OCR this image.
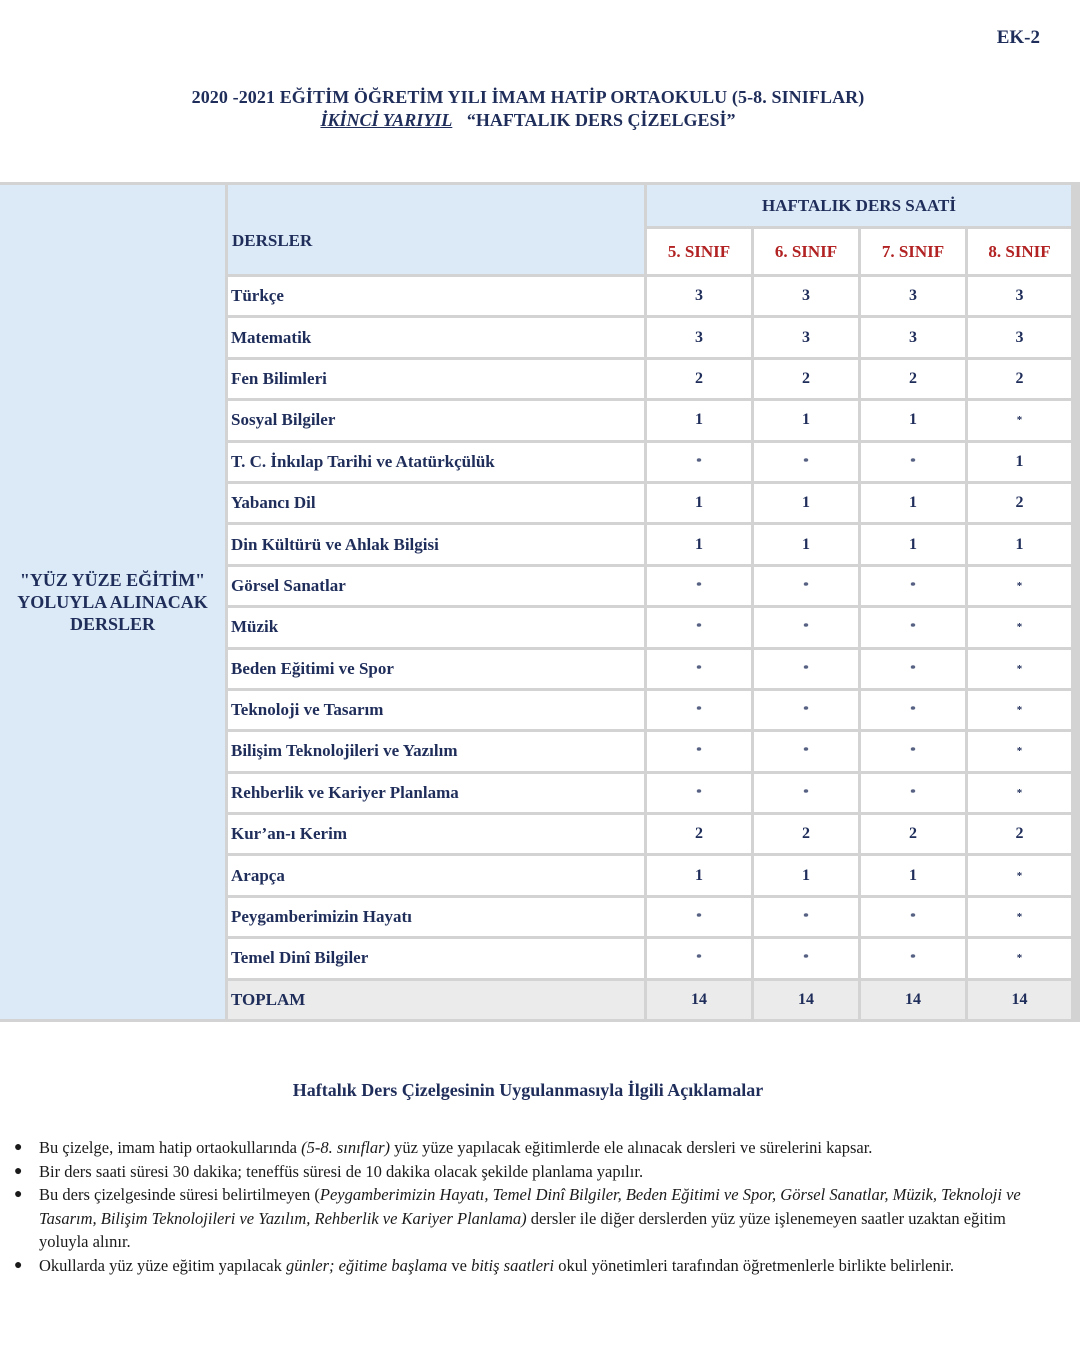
EK-2
2020 -2021 EĞİTİM ÖĞRETİM YILI İMAM HATİP ORTAOKULU (5-8. SINIFLAR)
İKİNCİ YARIYIL “HAFTALIK DERS ÇİZELGESİ”
"YÜZ YÜZE EĞİTİM"
YOLUYLA ALINACAK
DERSLER
DERSLER
HAFTALIK DERS SAATİ
5. SINIF	6. SINIF	7. SINIF	8. SINIF
Türkçe	3	3	3	3
Matematik	3	3	3	3
Fen Bilimleri	2	2	2	2
Sosyal Bilgiler	1	1	1	*
T. C. İnkılap Tarihi ve Atatürkçülük	*	*	*	1
Yabancı Dil	1	1	1	2
Din Kültürü ve Ahlak Bilgisi	1	1	1	1
Görsel Sanatlar	*	*	*	*
Müzik	*	*	*	*
Beden Eğitimi ve Spor	*	*	*	*
Teknoloji ve Tasarım	*	*	*	*
Bilişim Teknolojileri ve Yazılım	*	*	*	*
Rehberlik ve Kariyer Planlama	*	*	*	*
Kur’an-ı Kerim	2	2	2	2
Arapça	1	1	1	*
Peygamberimizin Hayatı	*	*	*	*
Temel Dinî Bilgiler	*	*	*	*
TOPLAM	14	14	14	14
Haftalık Ders Çizelgesinin Uygulanmasıyla İlgili Açıklamalar
● Bu çizelge, imam hatip ortaokullarında (5-8. sınıflar) yüz yüze yapılacak eğitimlerde ele alınacak dersleri ve sürelerini kapsar.
● Bir ders saati süresi 30 dakika; teneffüs süresi de 10 dakika olacak şekilde planlama yapılır.
● Bu ders çizelgesinde süresi belirtilmeyen (Peygamberimizin Hayatı, Temel Dinî Bilgiler, Beden Eğitimi ve Spor, Görsel Sanatlar, Müzik, Teknoloji ve Tasarım, Bilişim Teknolojileri ve Yazılım, Rehberlik ve Kariyer Planlama) dersler ile diğer derslerden yüz yüze işlenemeyen saatler uzaktan eğitim yoluyla alınır.
● Okullarda yüz yüze eğitim yapılacak günler; eğitime başlama ve bitiş saatleri okul yönetimleri tarafından öğretmenlerle birlikte belirlenir.
